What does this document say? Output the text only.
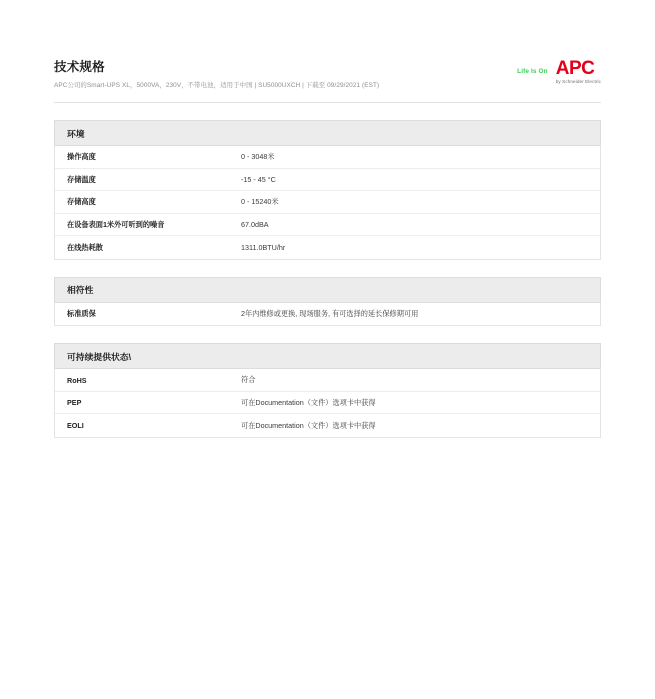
技术规格
APC公司的Smart-UPS XL，5000VA，230V，不带电池，适用于中国 | SU5000UXCH | 下载至 09/29/2021 (EST)
Life Is On APC
by Schneider Electric
环境
操作高度	0 - 3048米
存储温度	-15 - 45 °C
存储高度	0 - 15240米
在设备表面1米外可听到的噪音	67.0dBA
在线热耗散	1311.0BTU/hr
相符性
标准质保	2年内维修或更换, 现场服务, 有可选择的延长保修期可用
可持续提供状态\
RoHS	符合
PEP	可在Documentation（文件）选项卡中获得
EOLI	可在Documentation（文件）选项卡中获得
